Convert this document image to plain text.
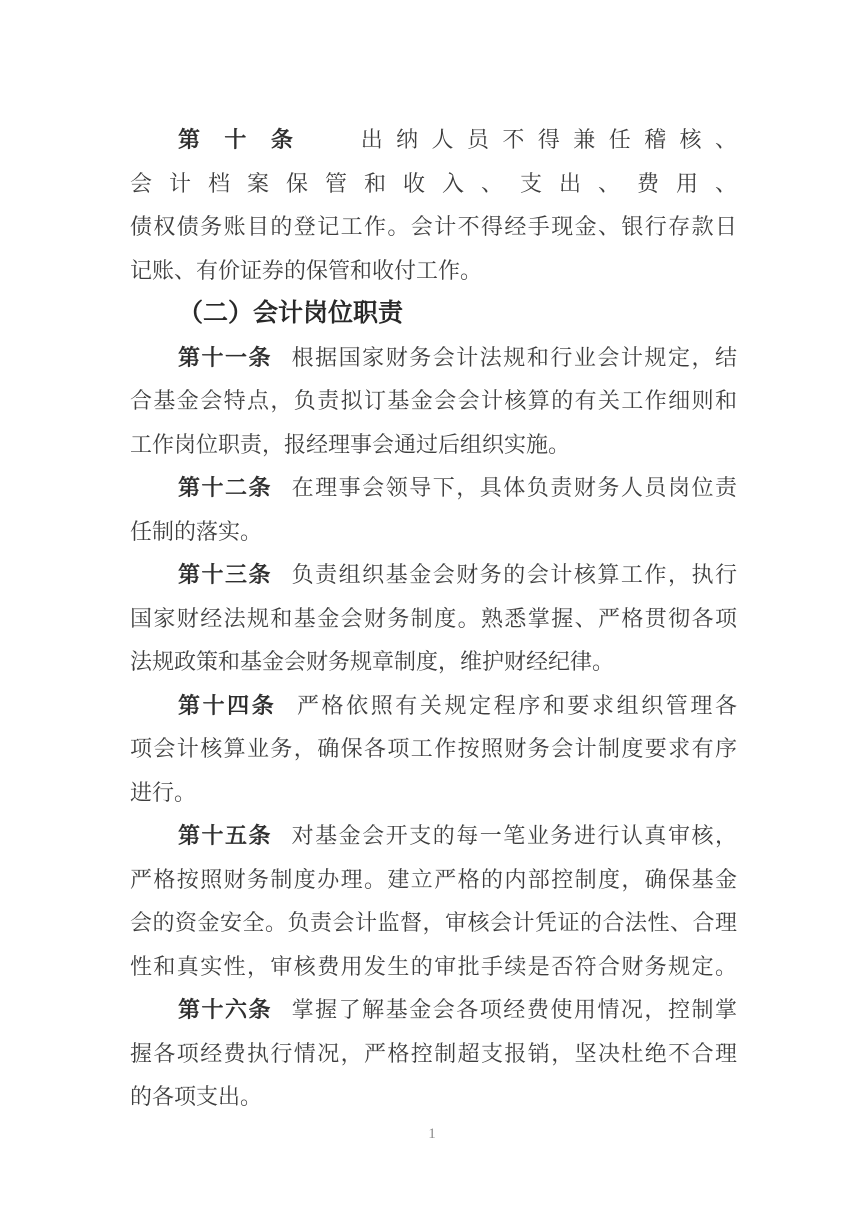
第十条 出纳人员不得兼任稽核、
会计档案保管和收入、支出、费用、
债权债务账目的登记工作。会计不得经手现金、银行存款日
记账、有价证券的保管和收付工作。
（二）会计岗位职责
第十一条 根据国家财务会计法规和行业会计规定，结
合基金会特点，负责拟订基金会会计核算的有关工作细则和
工作岗位职责，报经理事会通过后组织实施。
第十二条 在理事会领导下，具体负责财务人员岗位责
任制的落实。
第十三条 负责组织基金会财务的会计核算工作，执行
国家财经法规和基金会财务制度。熟悉掌握、严格贯彻各项
法规政策和基金会财务规章制度，维护财经纪律。
第十四条 严格依照有关规定程序和要求组织管理各
项会计核算业务，确保各项工作按照财务会计制度要求有序
进行。
第十五条 对基金会开支的每一笔业务进行认真审核，
严格按照财务制度办理。建立严格的内部控制度，确保基金
会的资金安全。负责会计监督，审核会计凭证的合法性、合理
性和真实性，审核费用发生的审批手续是否符合财务规定。
第十六条 掌握了解基金会各项经费使用情况，控制掌
握各项经费执行情况，严格控制超支报销，坚决杜绝不合理
的各项支出。
1
